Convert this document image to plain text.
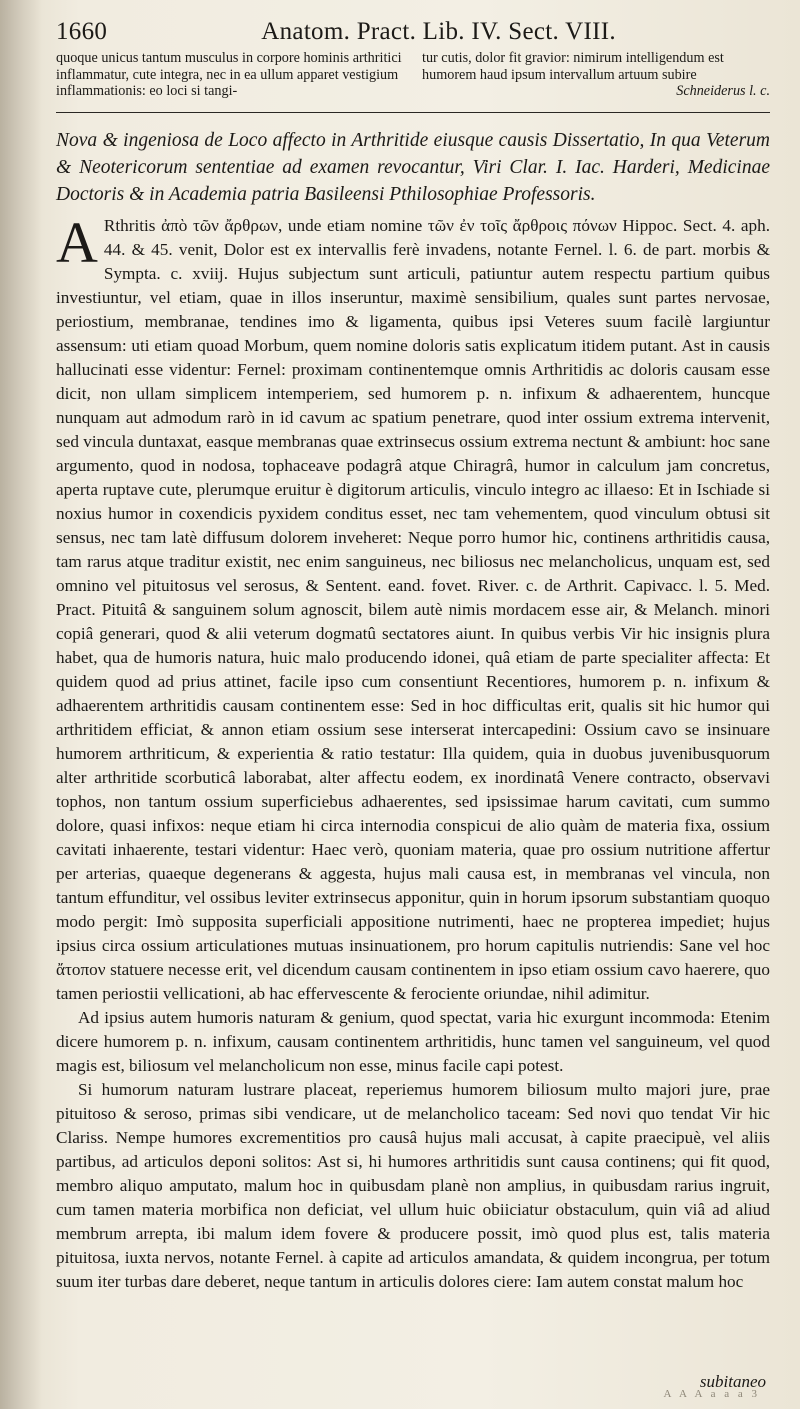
1660	Anatom. Pract. Lib. IV. Sect. VIII.

quoque unicus tantum musculus in corpore hominis arthritici inflammatur, cute integra, nec in ea ullum apparet vestigium inflammationis: eo loci si tangi-

tur cutis, dolor fit gravior: nimirum intelligendum est humorem haud ipsum intervallum artuum subire

Schneiderus l. c.

Nova & ingeniosa de Loco affecto in Arthritide eiusque causis Dissertatio, In qua Veterum & Neotericorum sententiae ad examen revocantur, Viri Clar. I. Iac. Harderi, Medicinae Doctoris & in Academia patria Basileensi Pthilosophiae Professoris.

A Rthritis ἀπὸ τῶν ἄρθρων, unde etiam nomine τῶν ἐν τοῖς ἄρθροις πόνων Hippoc. Sect. 4. aph. 44. & 45. venit, Dolor est ex intervallis ferè invadens, notante Fernel. l. 6. de part. morbis & Sympta. c. xviij. Hujus subjectum sunt articuli, patiuntur autem respectu partium quibus investiuntur, vel etiam, quae in illos inseruntur, maximè sensibilium, quales sunt partes nervosae, periostium, membranae, tendines imo & ligamenta, quibus ipsi Veteres suum facilè largiuntur assensum: uti etiam quoad Morbum, quem nomine doloris satis explicatum itidem putant. Ast in causis hallucinati esse videntur: Fernel: proximam continentemque omnis Arthritidis ac doloris causam esse dicit, non ullam simplicem intemperiem, sed humorem p. n. infixum & adhaerentem, huncque nunquam aut admodum rarò in id cavum ac spatium penetrare, quod inter ossium extrema intervenit, sed vincula duntaxat, easque membranas quae extrinsecus ossium extrema nectunt & ambiunt: hoc sane argumento, quod in nodosa, tophaceave podagrâ atque Chiragrâ, humor in calculum jam concretus, aperta ruptave cute, plerumque eruitur è digitorum articulis, vinculo integro ac illaeso: Et in Ischiade si noxius humor in coxendicis pyxidem conditus esset, nec tam vehementem, quod vinculum obtusi sit sensus, nec tam latè diffusum dolorem inveheret: Neque porro humor hic, continens arthritidis causa, tam rarus atque traditur existit, nec enim sanguineus, nec biliosus nec melancholicus, unquam est, sed omnino vel pituitosus vel serosus, & Sentent. eand. fovet. River. c. de Arthrit. Capivacc. l. 5. Med. Pract. Pituitâ & sanguinem solum agnoscit, bilem autè nimis mordacem esse air, & Melanch. minori copiâ generari, quod & alii veterum dogmatû sectatores aiunt. In quibus verbis Vir hic insignis plura habet, qua de humoris natura, huic malo producendo idonei, quâ etiam de parte specialiter affecta: Et quidem quod ad prius attinet, facile ipso cum consentiunt Recentiores, humorem p. n. infixum & adhaerentem arthritidis causam continentem esse: Sed in hoc difficultas erit, qualis sit hic humor qui arthritidem efficiat, & annon etiam ossium sese interserat intercapedini: Ossium cavo se insinuare humorem arthriticum, & experientia & ratio testatur: Illa quidem, quia in duobus juvenibusquorum alter arthritide scorbuticâ laborabat, alter affectu eodem, ex inordinatâ Venere contracto, observavi tophos, non tantum ossium superficiebus adhaerentes, sed ipsissimae harum cavitati, cum summo dolore, quasi infixos: neque etiam hi circa internodia conspicui de alio quàm de materia fixa, ossium cavitati inhaerente, testari videntur: Haec verò, quoniam materia, quae pro ossium nutritione affertur per arterias, quaeque degenerans & aggesta, hujus mali causa est, in membranas vel vincula, non tantum effunditur, vel ossibus leviter extrinsecus apponitur, quin in horum ipsorum substantiam quoquo modo pergit: Imò supposita superficiali appositione nutrimenti, haec ne propterea impediet; hujus ipsius circa ossium articulationes mutuas insinuationem, pro horum capitulis nutriendis: Sane vel hoc ἄτοπον statuere necesse erit, vel dicendum causam continentem in ipso etiam ossium cavo haerere, quo tamen periostii vellicationi, ab hac effervescente & ferociente oriundae, nihil adimitur.

Ad ipsius autem humoris naturam & genium, quod spectat, varia hic exurgunt incommoda: Etenim dicere humorem p. n. infixum, causam continentem arthritidis, hunc tamen vel sanguineum, vel quod magis est, biliosum vel melancholicum non esse, minus facile capi potest.

Si humorum naturam lustrare placeat, reperiemus humorem biliosum multo majori jure, prae pituitoso & seroso, primas sibi vendicare, ut de melancholico taceam: Sed novi quo tendat Vir hic Clariss. Nempe humores excrementitios pro causâ hujus mali accusat, à capite praecipuè, vel aliis partibus, ad articulos deponi solitos: Ast si, hi humores arthritidis sunt causa continens; qui fit quod, membro aliquo amputato, malum hoc in quibusdam planè non amplius, in quibusdam rarius ingruit, cum tamen materia morbifica non deficiat, vel ullum huic obiiciatur obstaculum, quin viâ ad aliud membrum arrepta, ibi malum idem fovere & producere possit, imò quod plus est, talis materia pituitosa, iuxta nervos, notante Fernel. à capite ad articulos amandata, & quidem incongrua, per totum suum iter turbas dare deberet, neque tantum in articulis dolores ciere: Iam autem constat malum hoc

subitaneo
A A A a a a 3
